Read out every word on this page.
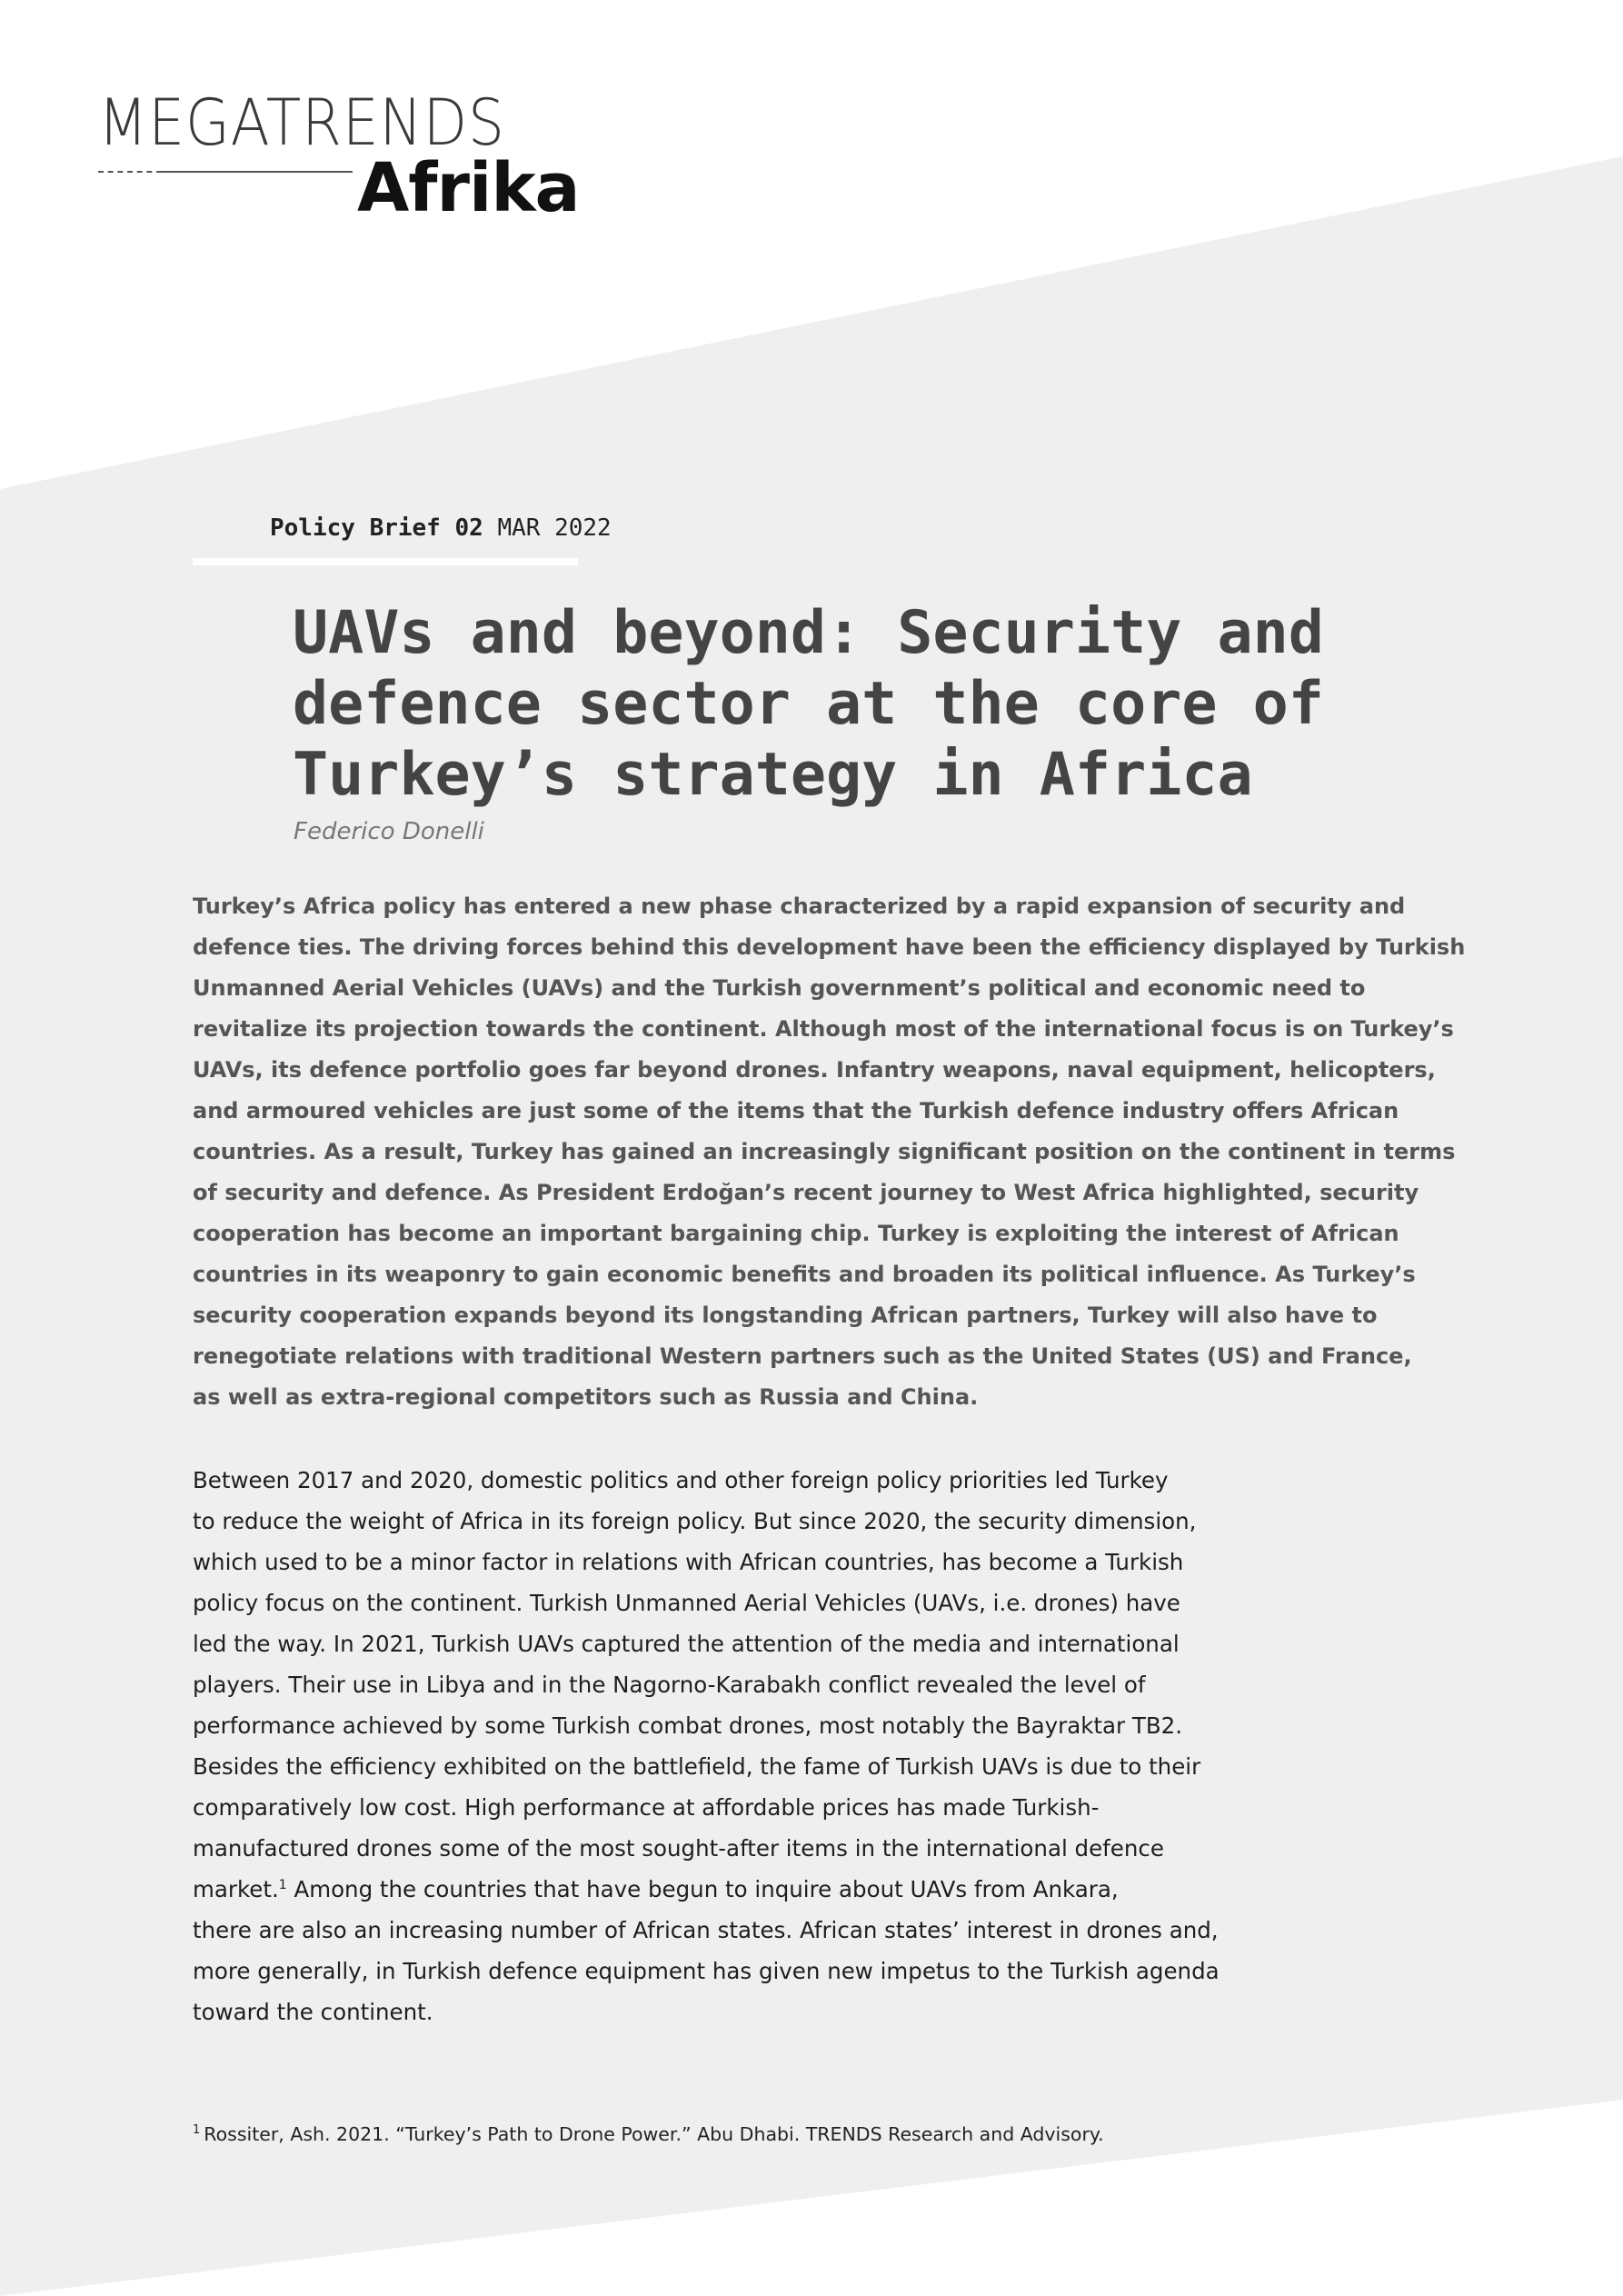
MEGATRENDS
Afrika
Policy Brief 02 MAR 2022
UAVs and beyond: Security and
defence sector at the core of
Turkey’s strategy in Africa
Federico Donelli
Turkey’s Africa policy has entered a new phase characterized by a rapid expansion of security and
defence ties. The driving forces behind this development have been the efficiency displayed by Turkish
Unmanned Aerial Vehicles (UAVs) and the Turkish government’s political and economic need to
revitalize its projection towards the continent. Although most of the international focus is on Turkey’s
UAVs, its defence portfolio goes far beyond drones. Infantry weapons, naval equipment, helicopters,
and armoured vehicles are just some of the items that the Turkish defence industry offers African
countries. As a result, Turkey has gained an increasingly significant position on the continent in terms
of security and defence. As President Erdoğan’s recent journey to West Africa highlighted, security
cooperation has become an important bargaining chip. Turkey is exploiting the interest of African
countries in its weaponry to gain economic benefits and broaden its political influence. As Turkey’s
security cooperation expands beyond its longstanding African partners, Turkey will also have to
renegotiate relations with traditional Western partners such as the United States (US) and France,
as well as extra-regional competitors such as Russia and China.
Between 2017 and 2020, domestic politics and other foreign policy priorities led Turkey
to reduce the weight of Africa in its foreign policy. But since 2020, the security dimension,
which used to be a minor factor in relations with African countries, has become a Turkish
policy focus on the continent. Turkish Unmanned Aerial Vehicles (UAVs, i.e. drones) have
led the way. In 2021, Turkish UAVs captured the attention of the media and international
players. Their use in Libya and in the Nagorno-Karabakh conflict revealed the level of
performance achieved by some Turkish combat drones, most notably the Bayraktar TB2.
Besides the efficiency exhibited on the battlefield, the fame of Turkish UAVs is due to their
comparatively low cost. High performance at affordable prices has made Turkish-
manufactured drones some of the most sought-after items in the international defence
market.$^1$ Among the countries that have begun to inquire about UAVs from Ankara,
there are also an increasing number of African states. African states’ interest in drones and,
more generally, in Turkish defence equipment has given new impetus to the Turkish agenda
toward the continent.
$^1$ Rossiter, Ash. 2021. “Turkey’s Path to Drone Power.” Abu Dhabi. TRENDS Research and Advisory.
